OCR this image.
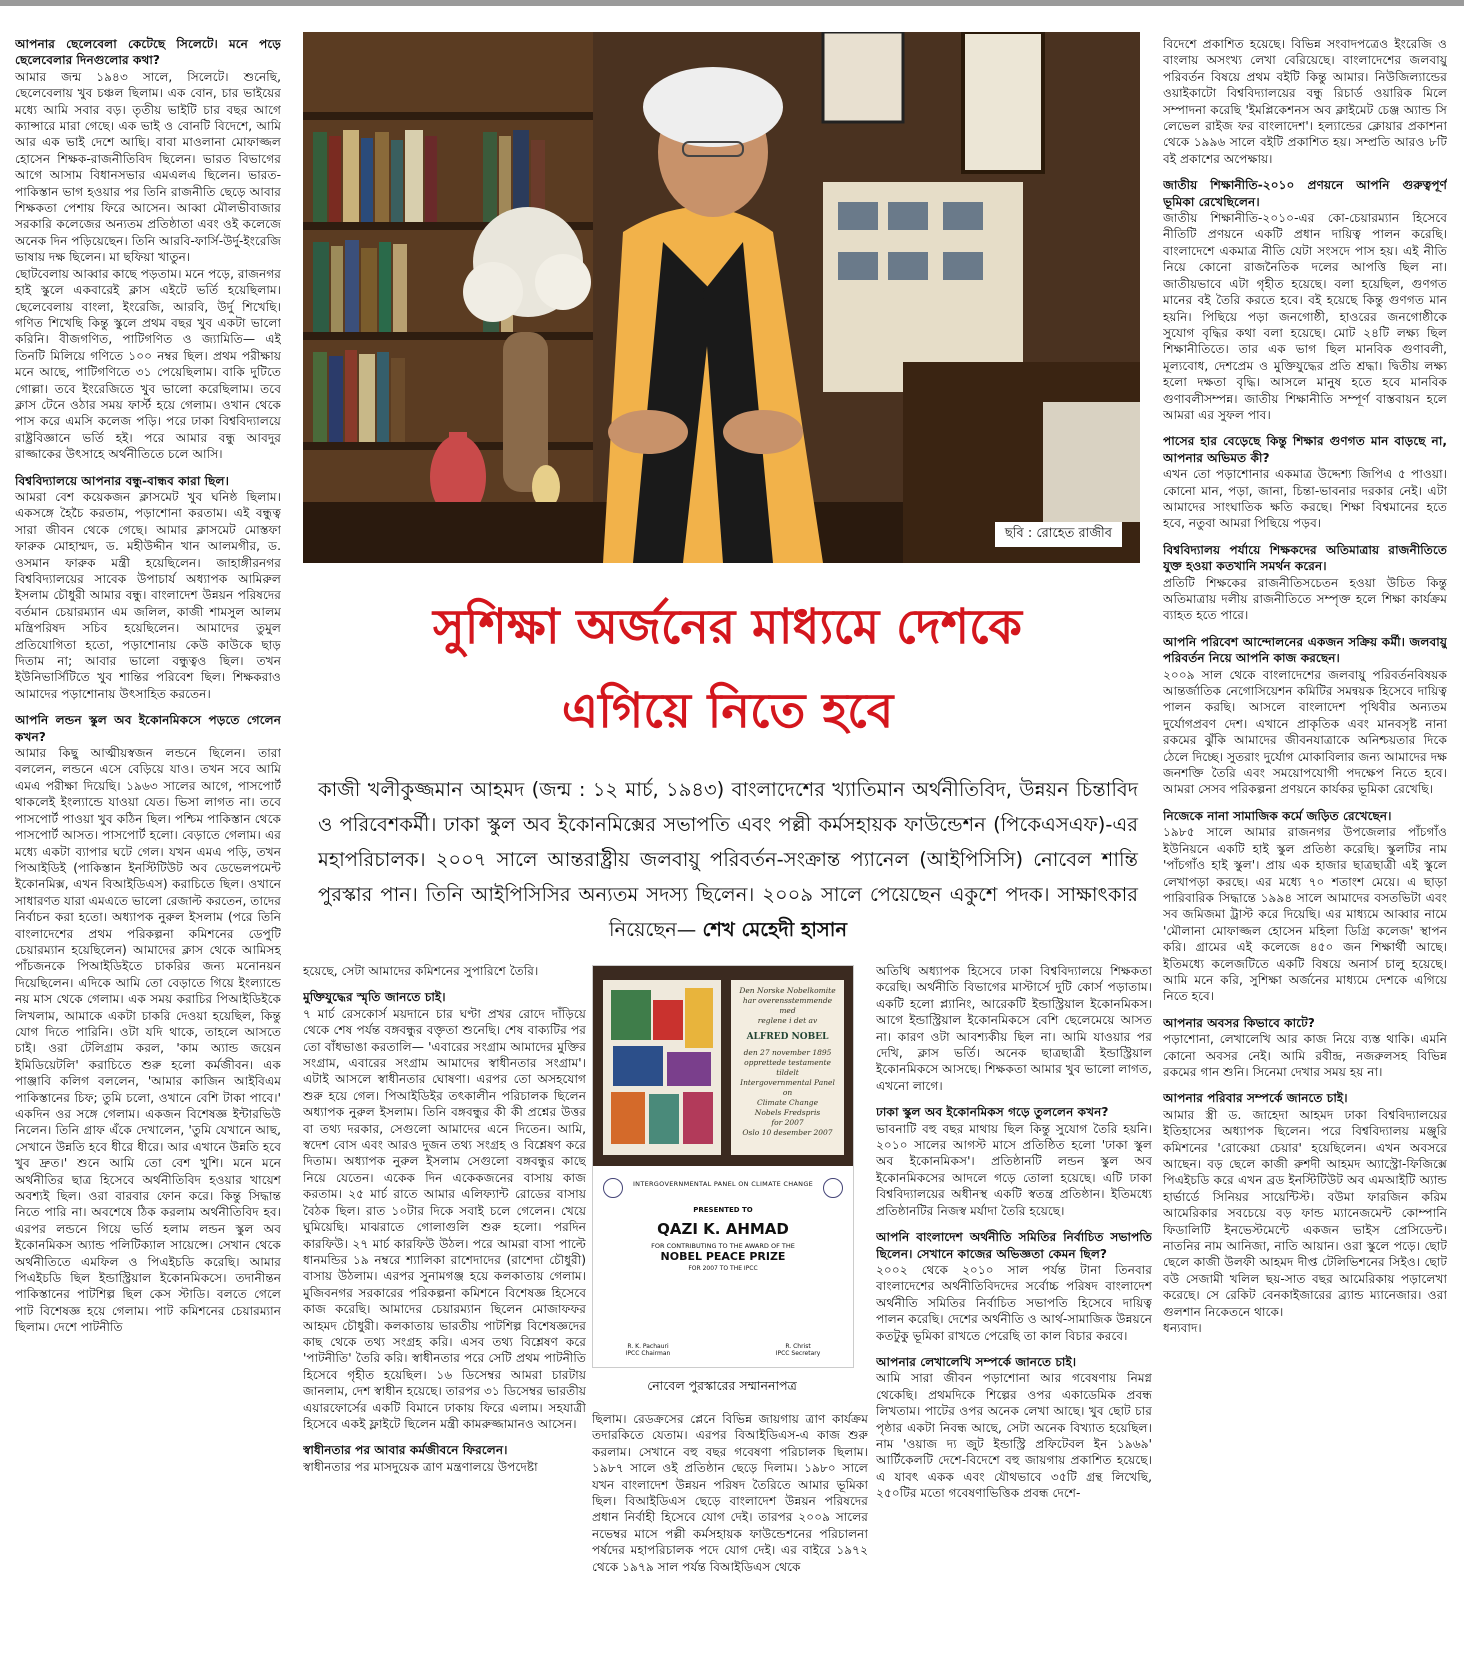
আপনার ছেলেবেলা কেটেছে সিলেটে। মনে পড়ে ছেলেবেলার দিনগুলোর কথা?

আমার জন্ম ১৯৪৩ সালে, সিলেটে। শুনেছি, ছেলেবেলায় খুব চঞ্চল ছিলাম। এক বোন, চার ভাইয়ের মধ্যে আমি সবার বড়। তৃতীয় ভাইটি চার বছর আগে ক্যান্সারে মারা গেছে। এক ভাই ও বোনটি বিদেশে, আমি আর এক ভাই দেশে আছি। বাবা মাওলানা মোফাজ্জল হোসেন শিক্ষক-রাজনীতিবিদ ছিলেন। ভারত বিভাগের আগে আসাম বিধানসভার এমএলএ ছিলেন। ভারত-পাকিস্তান ভাগ হওয়ার পর তিনি রাজনীতি ছেড়ে আবার শিক্ষকতা পেশায় ফিরে আসেন। আব্বা মৌলভীবাজার সরকারি কলেজের অন্যতম প্রতিষ্ঠাতা এবং ওই কলেজে অনেক দিন পড়িয়েছেন। তিনি আরবি-ফার্সি-উর্দু-ইংরেজি ভাষায় দক্ষ ছিলেন। মা ছফিয়া খাতুন।

ছোটবেলায় আব্বার কাছে পড়তাম। মনে পড়ে, রাজনগর হাই স্কুলে একবারেই ক্লাস এইটে ভর্তি হয়েছিলাম। ছেলেবেলায় বাংলা, ইংরেজি, আরবি, উর্দু শিখেছি। গণিত শিখেছি কিন্তু স্কুলে প্রথম বছর খুব একটা ভালো করিনি। বীজগণিত, পাটিগণিত ও জ্যামিতি— এই তিনটি মিলিয়ে গণিতে ১০০ নম্বর ছিল। প্রথম পরীক্ষায় মনে আছে, পাটিগণিতে ৩১ পেয়েছিলাম। বাকি দুটিতে গোল্লা। তবে ইংরেজিতে খুব ভালো করেছিলাম। তবে ক্লাস টেনে ওঠার সময় ফার্স্ট হয়ে গেলাম। ওখান থেকে পাস করে এমসি কলেজ পড়ি। পরে ঢাকা বিশ্ববিদ্যালয়ে রাষ্ট্রবিজ্ঞানে ভর্তি হই। পরে আমার বন্ধু আবদুর রাজ্জাকের উৎসাহে অর্থনীতিতে চলে আসি।

বিশ্ববিদ্যালয়ে আপনার বন্ধু-বান্ধব কারা ছিল।

আমরা বেশ কয়েকজন ক্লাসমেট খুব ঘনিষ্ঠ ছিলাম। একসঙ্গে হৈচৈ করতাম, পড়াশোনা করতাম। এই বন্ধুত্ব সারা জীবন থেকে গেছে। আমার ক্লাসমেট মোস্তফা ফারুক মোহাম্মদ, ড. মহীউদ্দীন খান আলমগীর, ড. ওসমান ফারুক মন্ত্রী হয়েছিলেন। জাহাঙ্গীরনগর বিশ্ববিদ্যালয়ের সাবেক উপাচার্য অধ্যাপক আমিরুল ইসলাম চৌধুরী আমার বন্ধু। বাংলাদেশ উন্নয়ন পরিষদের বর্তমান চেয়ারম্যান এম জলিল, কাজী শামসুল আলম মন্ত্রিপরিষদ সচিব হয়েছিলেন। আমাদের তুমুল প্রতিযোগিতা হতো, পড়াশোনায় কেউ কাউকে ছাড় দিতাম না; আবার ভালো বন্ধুত্বও ছিল। তখন ইউনিভার্সিটিতে খুব শান্তির পরিবেশ ছিল। শিক্ষকরাও আমাদের পড়াশোনায় উৎসাহিত করতেন।

আপনি লন্ডন স্কুল অব ইকোনমিকসে পড়তে গেলেন কখন?

আমার কিছু আত্মীয়স্বজন লন্ডনে ছিলেন। তারা বললেন, লন্ডনে এসে বেড়িয়ে যাও। তখন সবে আমি এমএ পরীক্ষা দিয়েছি। ১৯৬৩ সালের আগে, পাসপোর্ট থাকলেই ইংল্যান্ডে যাওয়া যেত। ভিসা লাগত না। তবে পাসপোর্ট পাওয়া খুব কঠিন ছিল। পশ্চিম পাকিস্তান থেকে পাসপোর্ট আসত। পাসপোর্ট হলো। বেড়াতে গেলাম। এর মধ্যে একটা ব্যাপার ঘটে গেল। যখন এমএ পড়ি, তখন পিআইডিই (পাকিস্তান ইনস্টিটিউট অব ডেভেলপমেন্ট ইকোনমিক্স, এখন বিআইডিএস) করাচিতে ছিল। ওখানে সাধারণত যারা এমএতে ভালো রেজাল্ট করতেন, তাদের নির্বাচন করা হতো। অধ্যাপক নুরুল ইসলাম (পরে তিনি বাংলাদেশের প্রথম পরিকল্পনা কমিশনের ডেপুটি চেয়ারম্যান হয়েছিলেন) আমাদের ক্লাস থেকে আমিসহ পাঁচজনকে পিআইডিইতে চাকরির জন্য মনোনয়ন দিয়েছিলেন। এদিকে আমি তো বেড়াতে গিয়ে ইংল্যান্ডে নয় মাস থেকে গেলাম। এক সময় করাচির পিআইডিইকে লিখলাম, আমাকে একটা চাকরি দেওয়া হয়েছিল, কিন্তু যোগ দিতে পারিনি। ওটা যদি থাকে, তাহলে আসতে চাই। ওরা টেলিগ্রাম করল, 'কাম অ্যান্ড জয়েন ইমিডিয়েটলি' করাচিতে শুরু হলো কর্মজীবন। এক পাঞ্জাবি কলিগ বললেন, 'আমার কাজিন আইবিএম পাকিস্তানের চিফ; তুমি চলো, ওখানে বেশি টাকা পাবে।' একদিন ওর সঙ্গে গেলাম। একজন বিশেষজ্ঞ ইন্টারভিউ নিলেন। তিনি গ্রাফ এঁকে দেখালেন, 'তুমি যেখানে আছ, সেখানে উন্নতি হবে ধীরে ধীরে। আর এখানে উন্নতি হবে খুব দ্রুত।' শুনে আমি তো বেশ খুশি। মনে মনে অর্থনীতির ছাত্র হিসেবে অর্থনীতিবিদ হওয়ার খায়েশ অবশ্যই ছিল। ওরা বারবার ফোন করে। কিন্তু সিদ্ধান্ত নিতে পারি না। অবশেষে ঠিক করলাম অর্থনীতিবিদ হব। এরপর লন্ডনে গিয়ে ভর্তি হলাম লন্ডন স্কুল অব ইকোনমিকস অ্যান্ড পলিটিক্যাল সায়েন্সে। সেখান থেকে অর্থনীতিতে এমফিল ও পিএইচডি করেছি। আমার পিএইচডি ছিল ইন্ডাস্ট্রিয়াল ইকোনমিকসে। তদানীন্তন পাকিস্তানের পাটশিল্প ছিল কেস স্টাডি। বলতে গেলে পাট বিশেষজ্ঞ হয়ে গেলাম। পাট কমিশনের চেয়ারম্যান ছিলাম। দেশে পাটনীতি

ছবি : রোহেত রাজীব
সুশিক্ষা অর্জনের মাধ্যমে দেশকে
এগিয়ে নিতে হবে
কাজী খলীকুজ্জমান আহমদ (জন্ম : ১২ মার্চ, ১৯৪৩) বাংলাদেশের খ্যাতিমান অর্থনীতিবিদ, উন্নয়ন চিন্তাবিদ ও পরিবেশকর্মী। ঢাকা স্কুল অব ইকোনমিক্সের সভাপতি এবং পল্লী কর্মসহায়ক ফাউন্ডেশন (পিকেএসএফ)-এর মহাপরিচালক। ২০০৭ সালে আন্তরাষ্ট্রীয় জলবায়ু পরিবর্তন-সংক্রান্ত প্যানেল (আইপিসিসি) নোবেল শান্তি পুরস্কার পান। তিনি আইপিসিসির অন্যতম সদস্য ছিলেন। ২০০৯ সালে পেয়েছেন একুশে পদক। সাক্ষাৎকার নিয়েছেন— শেখ মেহেদী হাসান

হয়েছে, সেটা আমাদের কমিশনের সুপারিশে তৈরি।

মুক্তিযুদ্ধের স্মৃতি জানতে চাই।

৭ মার্চ রেসকোর্স ময়দানে চার ঘণ্টা প্রখর রোদে দাঁড়িয়ে থেকে শেষ পর্যন্ত বঙ্গবন্ধুর বক্তৃতা শুনেছি। শেষ বাক্যটির পর তো বাঁধভাঙা করতালি— 'এবারের সংগ্রাম আমাদের মুক্তির সংগ্রাম, এবারের সংগ্রাম আমাদের স্বাধীনতার সংগ্রাম'। এটাই আসলে স্বাধীনতার ঘোষণা। এরপর তো অসহযোগ শুরু হয়ে গেল। পিআইডিইর তৎকালীন পরিচালক ছিলেন অধ্যাপক নুরুল ইসলাম। তিনি বঙ্গবন্ধুর কী কী প্রশ্নের উত্তর বা তথ্য দরকার, সেগুলো আমাদের এনে দিতেন। আমি, স্বদেশ বোস এবং আরও দুজন তথ্য সংগ্রহ ও বিশ্লেষণ করে দিতাম। অধ্যাপক নুরুল ইসলাম সেগুলো বঙ্গবন্ধুর কাছে নিয়ে যেতেন। একেক দিন একেকজনের বাসায় কাজ করতাম। ২৫ মার্চ রাতে আমার এলিফ্যান্ট রোডের বাসায় বৈঠক ছিল। রাত ১০টার দিকে সবাই চলে গেলেন। খেয়ে ঘুমিয়েছি। মাঝরাতে গোলাগুলি শুরু হলো। পরদিন কারফিউ। ২৭ মার্চ কারফিউ উঠল। পরে আমরা বাসা পাল্টে ধানমন্ডির ১৯ নম্বরে শ্যালিকা রাশেদাদের (রাশেদা চৌধুরী) বাসায় উঠলাম। এরপর সুনামগঞ্জ হয়ে কলকাতায় গেলাম। মুজিবনগর সরকারের পরিকল্পনা কমিশনে বিশেষজ্ঞ হিসেবে কাজ করেছি। আমাদের চেয়ারম্যান ছিলেন মোজাফফর আহমদ চৌধুরী। কলকাতায় ভারতীয় পাটশিল্প বিশেষজ্ঞদের কাছ থেকে তথ্য সংগ্রহ করি। এসব তথ্য বিশ্লেষণ করে 'পাটনীতি' তৈরি করি। স্বাধীনতার পরে সেটি প্রথম পাটনীতি হিসেবে গৃহীত হয়েছিল। ১৬ ডিসেম্বর আমরা চারটায় জানলাম, দেশ স্বাধীন হয়েছে। তারপর ৩১ ডিসেম্বর ভারতীয় এয়ারফোর্সের একটি বিমানে ঢাকায় ফিরে এলাম। সহযাত্রী হিসেবে একই ফ্লাইটে ছিলেন মন্ত্রী কামরুজ্জামানও আসেন।

স্বাধীনতার পর আবার কর্মজীবনে ফিরলেন।

স্বাধীনতার পর মাসদুয়েক ত্রাণ মন্ত্রণালয়ে উপদেষ্টা

Den Norske Nobelkomite
har overensstemmende med
reglene i det av
ALFRED NOBEL
den 27 november 1895
opprettede testamente tildelt
Intergovernmental Panel on
Climate Change
Nobels Fredspris
for 2007
Oslo 10 desember 2007
INTERGOVERNMENTAL PANEL ON CLIMATE CHANGE
PRESENTED TO
QAZI K. AHMAD
FOR CONTRIBUTING TO THE AWARD OF THE
NOBEL PEACE PRIZE
FOR 2007 TO THE IPCC
R. K. Pachauri
IPCC Chairman
R. Christ
IPCC Secretary
নোবেল পুরস্কারের সম্মাননাপত্র

ছিলাম। রেডক্রসের প্লেনে বিভিন্ন জায়গায় ত্রাণ কার্যক্রম তদারকিতে যেতাম। এরপর বিআইডিএস-এ কাজ শুরু করলাম। সেখানে বহু বছর গবেষণা পরিচালক ছিলাম। ১৯৮৭ সালে ওই প্রতিষ্ঠান ছেড়ে দিলাম। ১৯৮০ সালে যখন বাংলাদেশ উন্নয়ন পরিষদ তৈরিতে আমার ভূমিকা ছিল। বিআইডিএস ছেড়ে বাংলাদেশ উন্নয়ন পরিষদের প্রধান নির্বাহী হিসেবে যোগ দেই। তারপর ২০০৯ সালের নভেম্বর মাসে পল্লী কর্মসহায়ক ফাউন্ডেশনের পরিচালনা পর্ষদের মহাপরিচালক পদে যোগ দেই। এর বাইরে ১৯৭২ থেকে ১৯৭৯ সাল পর্যন্ত বিআইডিএস থেকে

অতিথি অধ্যাপক হিসেবে ঢাকা বিশ্ববিদ্যালয়ে শিক্ষকতা করেছি। অর্থনীতি বিভাগের মাস্টার্সে দুটি কোর্স পড়াতাম। একটি হলো প্ল্যানিং, আরেকটি ইন্ডাস্ট্রিয়াল ইকোনমিকস। আগে ইন্ডাস্ট্রিয়াল ইকোনমিকসে বেশি ছেলেমেয়ে আসত না। কারণ ওটা আবশ্যকীয় ছিল না। আমি যাওয়ার পর দেখি, ক্লাস ভর্তি। অনেক ছাত্রছাত্রী ইন্ডাস্ট্রিয়াল ইকোনমিকসে আসছে। শিক্ষকতা আমার খুব ভালো লাগত, এখনো লাগে।

ঢাকা স্কুল অব ইকোনমিকস গড়ে তুললেন কখন?

ভাবনাটি বহু বছর মাথায় ছিল কিন্তু সুযোগ তৈরি হয়নি। ২০১০ সালের আগস্ট মাসে প্রতিষ্ঠিত হলো 'ঢাকা স্কুল অব ইকোনমিকস'। প্রতিষ্ঠানটি লন্ডন স্কুল অব ইকোনমিকসের আদলে গড়ে তোলা হয়েছে। এটি ঢাকা বিশ্ববিদ্যালয়ের অধীনস্থ একটি স্বতন্ত্র প্রতিষ্ঠান। ইতিমধ্যে প্রতিষ্ঠানটির নিজস্ব মর্যাদা তৈরি হয়েছে।

আপনি বাংলাদেশ অর্থনীতি সমিতির নির্বাচিত সভাপতি ছিলেন। সেখানে কাজের অভিজ্ঞতা কেমন ছিল?

২০০২ থেকে ২০১০ সাল পর্যন্ত টানা তিনবার বাংলাদেশের অর্থনীতিবিদদের সর্বোচ্চ পরিষদ বাংলাদেশ অর্থনীতি সমিতির নির্বাচিত সভাপতি হিসেবে দায়িত্ব পালন করেছি। দেশের অর্থনীতি ও আর্থ-সামাজিক উন্নয়নে কতটুকু ভূমিকা রাখতে পেরেছি তা কাল বিচার করবে।

আপনার লেখালেখি সম্পর্কে জানতে চাই।

আমি সারা জীবন পড়াশোনা আর গবেষণায় নিমগ্ন থেকেছি। প্রথমদিকে শিল্পের ওপর একাডেমিক প্রবন্ধ লিখতাম। পাটের ওপর অনেক লেখা আছে। খুব ছোট চার পৃষ্ঠার একটা নিবন্ধ আছে, সেটা অনেক বিখ্যাত হয়েছিল। নাম 'ওয়াজ দ্য জুট ইন্ডাস্ট্রি প্রফিটেবল ইন ১৯৬৯' আর্টিকেলটি দেশে-বিদেশে বহু জায়গায় প্রকাশিত হয়েছে। এ যাবৎ একক এবং যৌথভাবে ৩৫টি গ্রন্থ লিখেছি, ২৫০টির মতো গবেষণাভিত্তিক প্রবন্ধ দেশে-

বিদেশে প্রকাশিত হয়েছে। বিভিন্ন সংবাদপত্রেও ইংরেজি ও বাংলায় অসংখ্য লেখা বেরিয়েছে। বাংলাদেশের জলবায়ু পরিবর্তন বিষয়ে প্রথম বইটি কিন্তু আমার। নিউজিল্যান্ডের ওয়াইকাটো বিশ্ববিদ্যালয়ের বন্ধু রিচার্ড ওয়ারিক মিলে সম্পাদনা করেছি 'ইমপ্লিকেশনস অব ক্লাইমেট চেঞ্জ অ্যান্ড সি লেভেল রাইজ ফর বাংলাদেশ'। হল্যান্ডের ক্লোয়ার প্রকাশনা থেকে ১৯৯৬ সালে বইটি প্রকাশিত হয়। সম্প্রতি আরও ৮টি বই প্রকাশের অপেক্ষায়।

জাতীয় শিক্ষানীতি-২০১০ প্রণয়নে আপনি গুরুত্বপূর্ণ ভূমিকা রেখেছিলেন।

জাতীয় শিক্ষানীতি-২০১০-এর কো-চেয়ারম্যান হিসেবে নীতিটি প্রণয়নে একটি প্রধান দায়িত্ব পালন করেছি। বাংলাদেশে একমাত্র নীতি যেটা সংসদে পাস হয়। এই নীতি নিয়ে কোনো রাজনৈতিক দলের আপত্তি ছিল না। জাতীয়ভাবে এটা গৃহীত হয়েছে। বলা হয়েছিল, গুণগত মানের বই তৈরি করতে হবে। বই হয়েছে কিন্তু গুণগত মান হয়নি। পিছিয়ে পড়া জনগোষ্ঠী, হাওরের জনগোষ্ঠীকে সুযোগ বৃদ্ধির কথা বলা হয়েছে। মোট ২৪টি লক্ষ্য ছিল শিক্ষানীতিতে। তার এক ভাগ ছিল মানবিক গুণাবলী, মূল্যবোধ, দেশপ্রেম ও মুক্তিযুদ্ধের প্রতি শ্রদ্ধা। দ্বিতীয় লক্ষ্য হলো দক্ষতা বৃদ্ধি। আসলে মানুষ হতে হবে মানবিক গুণাবলীসম্পন্ন। জাতীয় শিক্ষানীতি সম্পূর্ণ বাস্তবায়ন হলে আমরা এর সুফল পাব।

পাসের হার বেড়েছে কিন্তু শিক্ষার গুণগত মান বাড়ছে না, আপনার অভিমত কী?

এখন তো পড়াশোনার একমাত্র উদ্দেশ্য জিপিএ ৫ পাওয়া। কোনো মান, পড়া, জানা, চিন্তা-ভাবনার দরকার নেই। এটা আমাদের সাংঘাতিক ক্ষতি করছে। শিক্ষা বিশ্বমানের হতে হবে, নতুবা আমরা পিছিয়ে পড়ব।

বিশ্ববিদ্যালয় পর্যায়ে শিক্ষকদের অতিমাত্রায় রাজনীতিতে যুক্ত হওয়া কতখানি সমর্থন করেন।

প্রতিটি শিক্ষকের রাজনীতিসচেতন হওয়া উচিত কিন্তু অতিমাত্রায় দলীয় রাজনীতিতে সম্পৃক্ত হলে শিক্ষা কার্যক্রম ব্যাহত হতে পারে।

আপনি পরিবেশ আন্দোলনের একজন সক্রিয় কর্মী। জলবায়ু পরিবর্তন নিয়ে আপনি কাজ করছেন।

২০০৯ সাল থেকে বাংলাদেশের জলবায়ু পরিবর্তনবিষয়ক আন্তর্জাতিক নেগোসিয়েশন কমিটির সমন্বয়ক হিসেবে দায়িত্ব পালন করছি। আসলে বাংলাদেশ পৃথিবীর অন্যতম দুর্যোগপ্রবণ দেশ। এখানে প্রাকৃতিক এবং মানবসৃষ্ট নানা রকমের ঝুঁকি আমাদের জীবনযাত্রাকে অনিশ্চয়তার দিকে ঠেলে দিচ্ছে। সুতরাং দুর্যোগ মোকাবিলার জন্য আমাদের দক্ষ জনশক্তি তৈরি এবং সময়োপযোগী পদক্ষেপ নিতে হবে। আমরা সেসব পরিকল্পনা প্রণয়নে কার্যকর ভূমিকা রেখেছি।

নিজেকে নানা সামাজিক কর্মে জড়িত রেখেছেন।

১৯৮৫ সালে আমার রাজনগর উপজেলার পাঁচগাঁও ইউনিয়নে একটি হাই স্কুল প্রতিষ্ঠা করেছি। স্কুলটির নাম 'পাঁচগাঁও হাই স্কুল'। প্রায় এক হাজার ছাত্রছাত্রী এই স্কুলে লেখাপড়া করছে। এর মধ্যে ৭০ শতাংশ মেয়ে। এ ছাড়া পারিবারিক সিদ্ধান্তে ১৯৯৪ সালে আমাদের বসতভিটা এবং সব জমিজমা ট্রাস্ট করে দিয়েছি। এর মাধ্যমে আব্বার নামে 'মৌলানা মোফাজ্জল হোসেন মহিলা ডিগ্রি কলেজ' স্থাপন করি। গ্রামের এই কলেজে ৪৫০ জন শিক্ষার্থী আছে। ইতিমধ্যে কলেজটিতে একটি বিষয়ে অনার্স চালু হয়েছে। আমি মনে করি, সুশিক্ষা অর্জনের মাধ্যমে দেশকে এগিয়ে নিতে হবে।

আপনার অবসর কিভাবে কাটে?

পড়াশোনা, লেখালেখি আর কাজ নিয়ে ব্যস্ত থাকি। এমনি কোনো অবসর নেই। আমি রবীন্দ্র, নজরুলসহ বিভিন্ন রকমের গান শুনি। সিনেমা দেখার সময় হয় না।

আপনার পরিবার সম্পর্কে জানতে চাই।

আমার স্ত্রী ড. জাহেদা আহমদ ঢাকা বিশ্ববিদ্যালয়ের ইতিহাসের অধ্যাপক ছিলেন। পরে বিশ্ববিদ্যালয় মঞ্জুরি কমিশনের 'রোকেয়া চেয়ার' হয়েছিলেন। এখন অবসরে আছেন। বড় ছেলে কাজী রুশদী আহমদ অ্যাস্ট্রো-ফিজিক্সে পিএইচডি করে এখন ব্রড ইনস্টিটিউট অব এমআইটি অ্যান্ড হার্ভার্ডে সিনিয়র সায়েন্টিস্ট। বউমা ফারজিন করিম আমেরিকার সবচেয়ে বড় ফান্ড ম্যানেজমেন্ট কোম্পানি ফিডালিটি ইনভেস্টমেন্টে একজন ভাইস প্রেসিডেন্ট। নাতনির নাম আনিজা, নাতি আয়ান। ওরা স্কুলে পড়ে। ছোট ছেলে কাজী উলফী আহমদ দীপ্ত টেলিভিশনের সিইও। ছোট বউ সেজামী খলিল ছয়-সাত বছর আমেরিকায় পড়ালেখা করেছে। সে রেকিট বেনকাইজারের ব্র্যান্ড ম্যানেজার। ওরা গুলশান নিকেতনে থাকে।

ধন্যবাদ।
